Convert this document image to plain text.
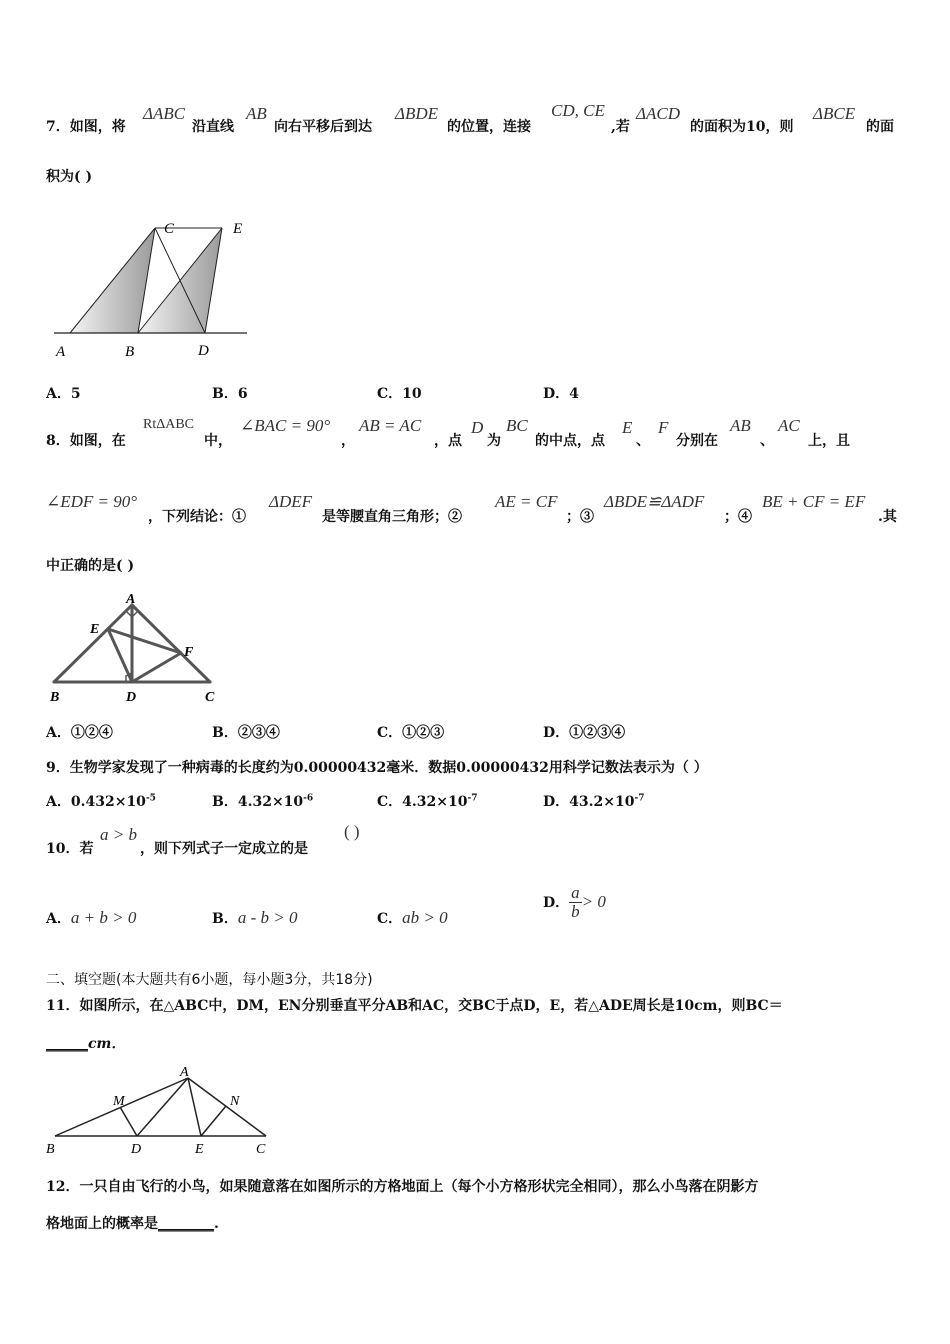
7．如图，将
ΔABC
沿直线
AB
向右平移后到达
ΔBDE
的位置，连接
CD, CE
,若
ΔACD
的面积为10，则
ΔBCE
的面
积为( )
A	B
C
D
E
A．5	B．6	C．10	D．4
8．如图，在
RtΔABC
中，
∠BAC = 90°
，
AB = AC
，点
D
为
BC
的中点，点
E
、
F
分别在
AB
、
AC
上，且
∠EDF = 90°
，下列结论：①
ΔDEF
是等腰直角三角形；②
AE = CF
；③
ΔBDE≌ΔADF
；④
BE + CF = EF
.其
中正确的是( )
A
B	C
D
E
F
A．①②④	B．②③④	C．①②③	D．①②③④
9．生物学家发现了一种病毒的长度约为0.00000432毫米．数据0.00000432用科学记数法表示为（ ）
A．$0.432\times 10^{-5}$	B．$4.32\times 10^{-6}$	C．$4.32\times 10^{-7}$	D．$43.2\times 10^{-7}$
10．若
a > b
，则下列式子一定成立的是
( )
A．a + b > 0	B．a - b > 0	C．ab > 0
D． $\frac{a}{b} > 0$
二、填空题(本大题共有6小题，每小题3分，共18分)
11．如图所示，在△ABC中，DM，EN分别垂直平分AB和AC，交BC于点D，E，若△ADE周长是10cm，则BC＝
______cm．
A
B	C
D	E
M	N
12．一只自由飞行的小鸟，如果随意落在如图所示的方格地面上（每个小方格形状完全相同），那么小鸟落在阴影方
格地面上的概率是________.
